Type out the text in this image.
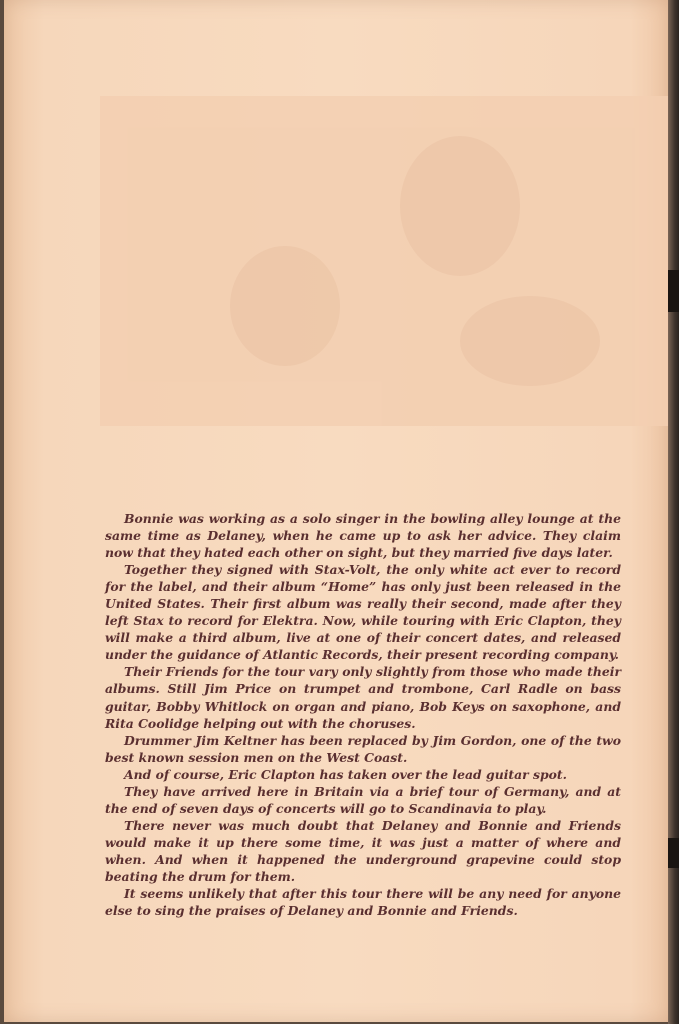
Bonnie was working as a solo singer in the bowling alley lounge at the same time as Delaney, when he came up to ask her advice. They claim now that they hated each other on sight, but they married five days later.

Together they signed with Stax-Volt, the only white act ever to record for the label, and their album “Home” has only just been released in the United States. Their first album was really their second, made after they left Stax to record for Elektra. Now, while touring with Eric Clapton, they will make a third album, live at one of their concert dates, and released under the guidance of Atlantic Records, their present recording company.

Their Friends for the tour vary only slightly from those who made their albums. Still Jim Price on trumpet and trombone, Carl Radle on bass guitar, Bobby Whitlock on organ and piano, Bob Keys on saxophone, and Rita Coolidge helping out with the choruses.

Drummer Jim Keltner has been replaced by Jim Gordon, one of the two best known session men on the West Coast.

And of course, Eric Clapton has taken over the lead guitar spot.

They have arrived here in Britain via a brief tour of Germany, and at the end of seven days of concerts will go to Scandinavia to play.

There never was much doubt that Delaney and Bonnie and Friends would make it up there some time, it was just a matter of where and when. And when it happened the underground grapevine could stop beating the drum for them.

It seems unlikely that after this tour there will be any need for anyone else to sing the praises of Delaney and Bonnie and Friends.
